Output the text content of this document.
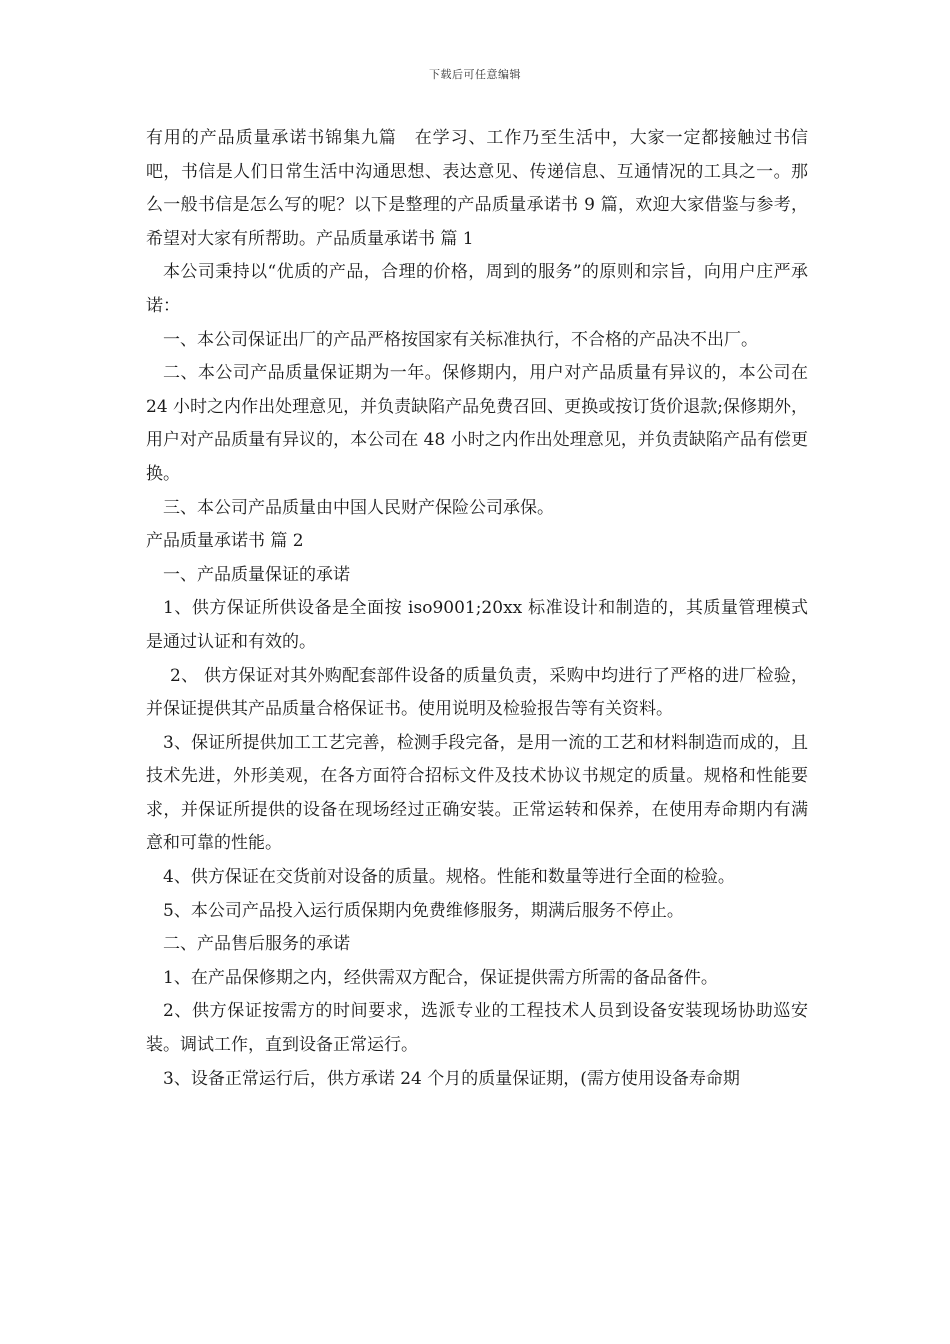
下载后可任意编辑

有用的产品质量承诺书锦集九篇　在学习、工作乃至生活中，大家一定都接触过书信吧，书信是人们日常生活中沟通思想、表达意见、传递信息、互通情况的工具之一。那么一般书信是怎么写的呢？以下是整理的产品质量承诺书 9 篇，欢迎大家借鉴与参考，希望对大家有所帮助。产品质量承诺书 篇 1

本公司秉持以“优质的产品，合理的价格，周到的服务”的原则和宗旨，向用户庄严承诺：

一、本公司保证出厂的产品严格按国家有关标准执行，不合格的产品决不出厂。

二、本公司产品质量保证期为一年。保修期内，用户对产品质量有异议的，本公司在 24 小时之内作出处理意见，并负责缺陷产品免费召回、更换或按订货价退款;保修期外，用户对产品质量有异议的，本公司在 48 小时之内作出处理意见，并负责缺陷产品有偿更换。

三、本公司产品质量由中国人民财产保险公司承保。

产品质量承诺书 篇 2

一、产品质量保证的承诺

1、供方保证所供设备是全面按 iso9001;20xx 标准设计和制造的，其质量管理模式是通过认证和有效的。

2、 供方保证对其外购配套部件设备的质量负责，采购中均进行了严格的进厂检验，并保证提供其产品质量合格保证书。使用说明及检验报告等有关资料。

3、保证所提供加工工艺完善，检测手段完备，是用一流的工艺和材料制造而成的，且技术先进，外形美观，在各方面符合招标文件及技术协议书规定的质量。规格和性能要求，并保证所提供的设备在现场经过正确安装。正常运转和保养，在使用寿命期内有满意和可靠的性能。

4、供方保证在交货前对设备的质量。规格。性能和数量等进行全面的检验。

5、本公司产品投入运行质保期内免费维修服务，期满后服务不停止。

二、产品售后服务的承诺

1、在产品保修期之内，经供需双方配合，保证提供需方所需的备品备件。

2、供方保证按需方的时间要求，选派专业的工程技术人员到设备安装现场协助巡安装。调试工作，直到设备正常运行。

3、设备正常运行后，供方承诺 24 个月的质量保证期，(需方使用设备寿命期
